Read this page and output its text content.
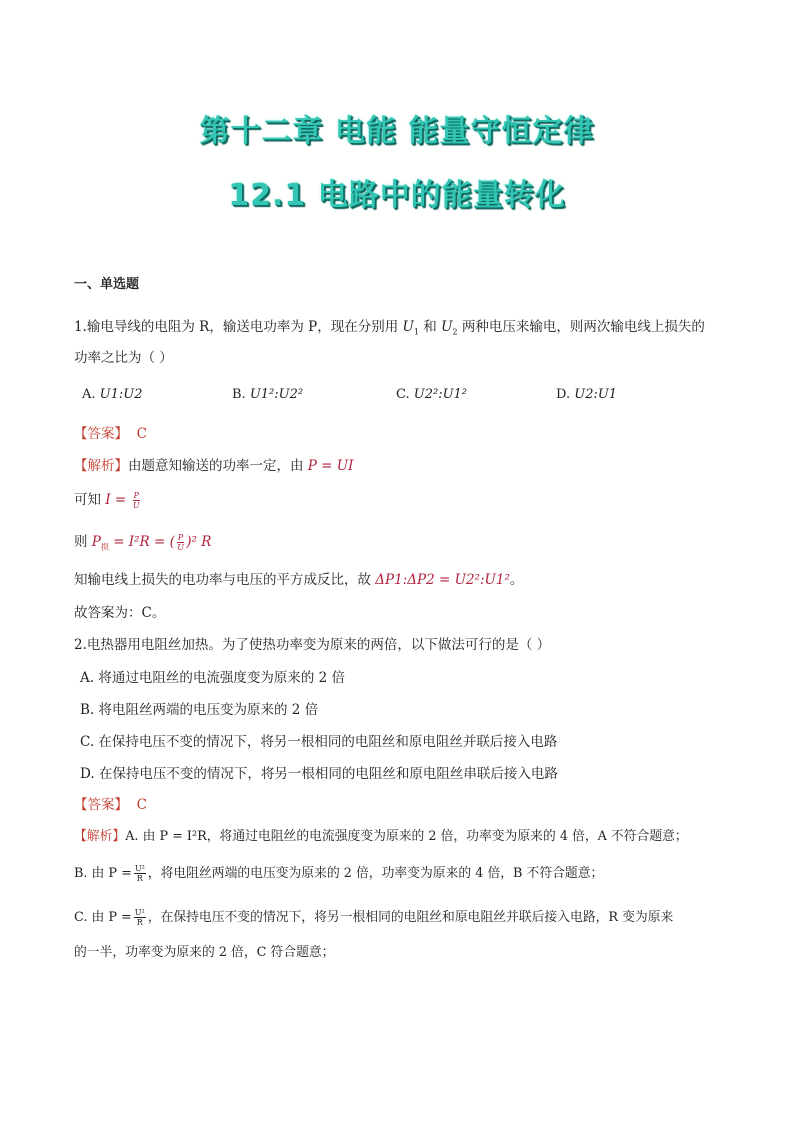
第十二章 电能 能量守恒定律
12.1 电路中的能量转化
一、单选题
1.输电导线的电阻为 R，输送电功率为 P，现在分别用 $U_1$ 和 $U_2$ 两种电压来输电，则两次输电线上损失的
功率之比为（ ）
A. U1:U2	B. U1²:U2²	C. U2²:U1²	D. U2:U1
【答案】 C
【解析】由题意知输送的功率一定，由 P = UI
可知 $I = \frac{P}{U}$
则 $P_损 = I^2R$ = ( $\frac{P}{U} )^2$ R
知输电线上损失的电功率与电压的平方成反比，故 ΔP1:ΔP2 = U2²:U1²。
故答案为：C。
2.电热器用电阻丝加热。为了使热功率变为原来的两倍，以下做法可行的是（ ）
A. 将通过电阻丝的电流强度变为原来的 2 倍
B. 将电阻丝两端的电压变为原来的 2 倍
C. 在保持电压不变的情况下，将另一根相同的电阻丝和原电阻丝并联后接入电路
D. 在保持电压不变的情况下，将另一根相同的电阻丝和原电阻丝串联后接入电路
【答案】 C
【解析】A. 由 P = I²R，将通过电阻丝的电流强度变为原来的 2 倍，功率变为原来的 4 倍，A 不符合题意；
B. 由 $P = \frac{\text{U²}}{R}$ ，将电阻丝两端的电压变为原来的 2 倍，功率变为原来的 4 倍，B 不符合题意；
C. 由 $P = \frac{\text{U²}}{R}$ ，在保持电压不变的情况下，将另一根相同的电阻丝和原电阻丝并联后接入电路，R 变为原来
的一半，功率变为原来的 2 倍，C 符合题意；
